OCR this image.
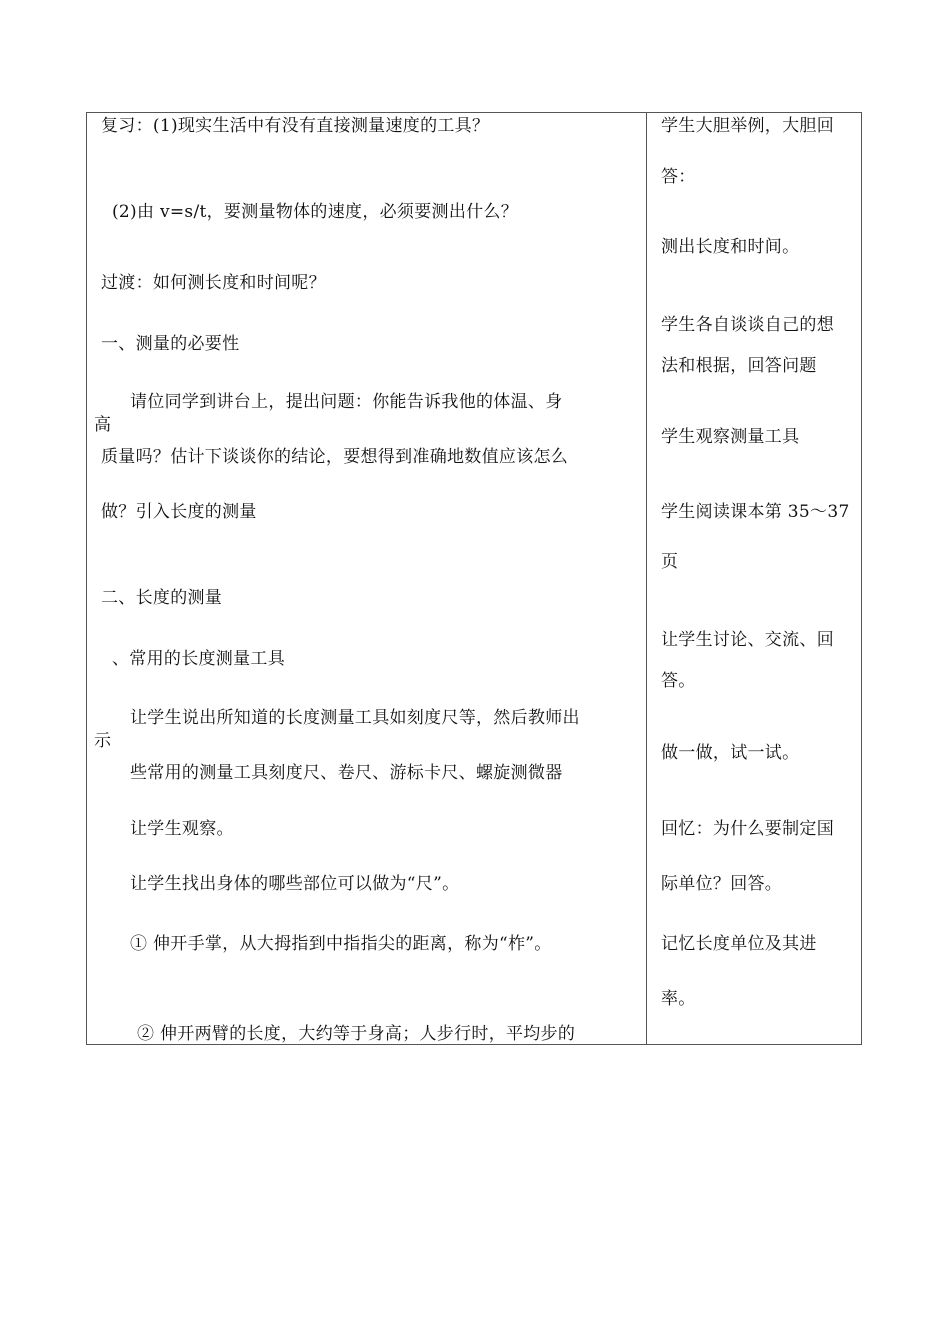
复习：(1)现实生活中有没有直接测量速度的工具？
(2)由 v=s/t，要测量物体的速度，必须要测出什么？
过渡：如何测长度和时间呢？
一、测量的必要性
请位同学到讲台上，提出问题：你能告诉我他的体温、身
高
质量吗？估计下谈谈你的结论，要想得到准确地数值应该怎么
做？引入长度的测量
二、长度的测量
、常用的长度测量工具
让学生说出所知道的长度测量工具如刻度尺等，然后教师出
示
些常用的测量工具刻度尺、卷尺、游标卡尺、螺旋测微器
让学生观察。
让学生找出身体的哪些部位可以做为“尺”。
① 伸开手掌，从大拇指到中指指尖的距离，称为“柞”。
② 伸开两臂的长度，大约等于身高；人步行时，平均步的
学生大胆举例，大胆回
答：
测出长度和时间。
学生各自谈谈自己的想
法和根据，回答问题
学生观察测量工具
学生阅读课本第 35～37
页
让学生讨论、交流、回
答。
做一做，试一试。
回忆：为什么要制定国
际单位？回答。
记忆长度单位及其进
率。
